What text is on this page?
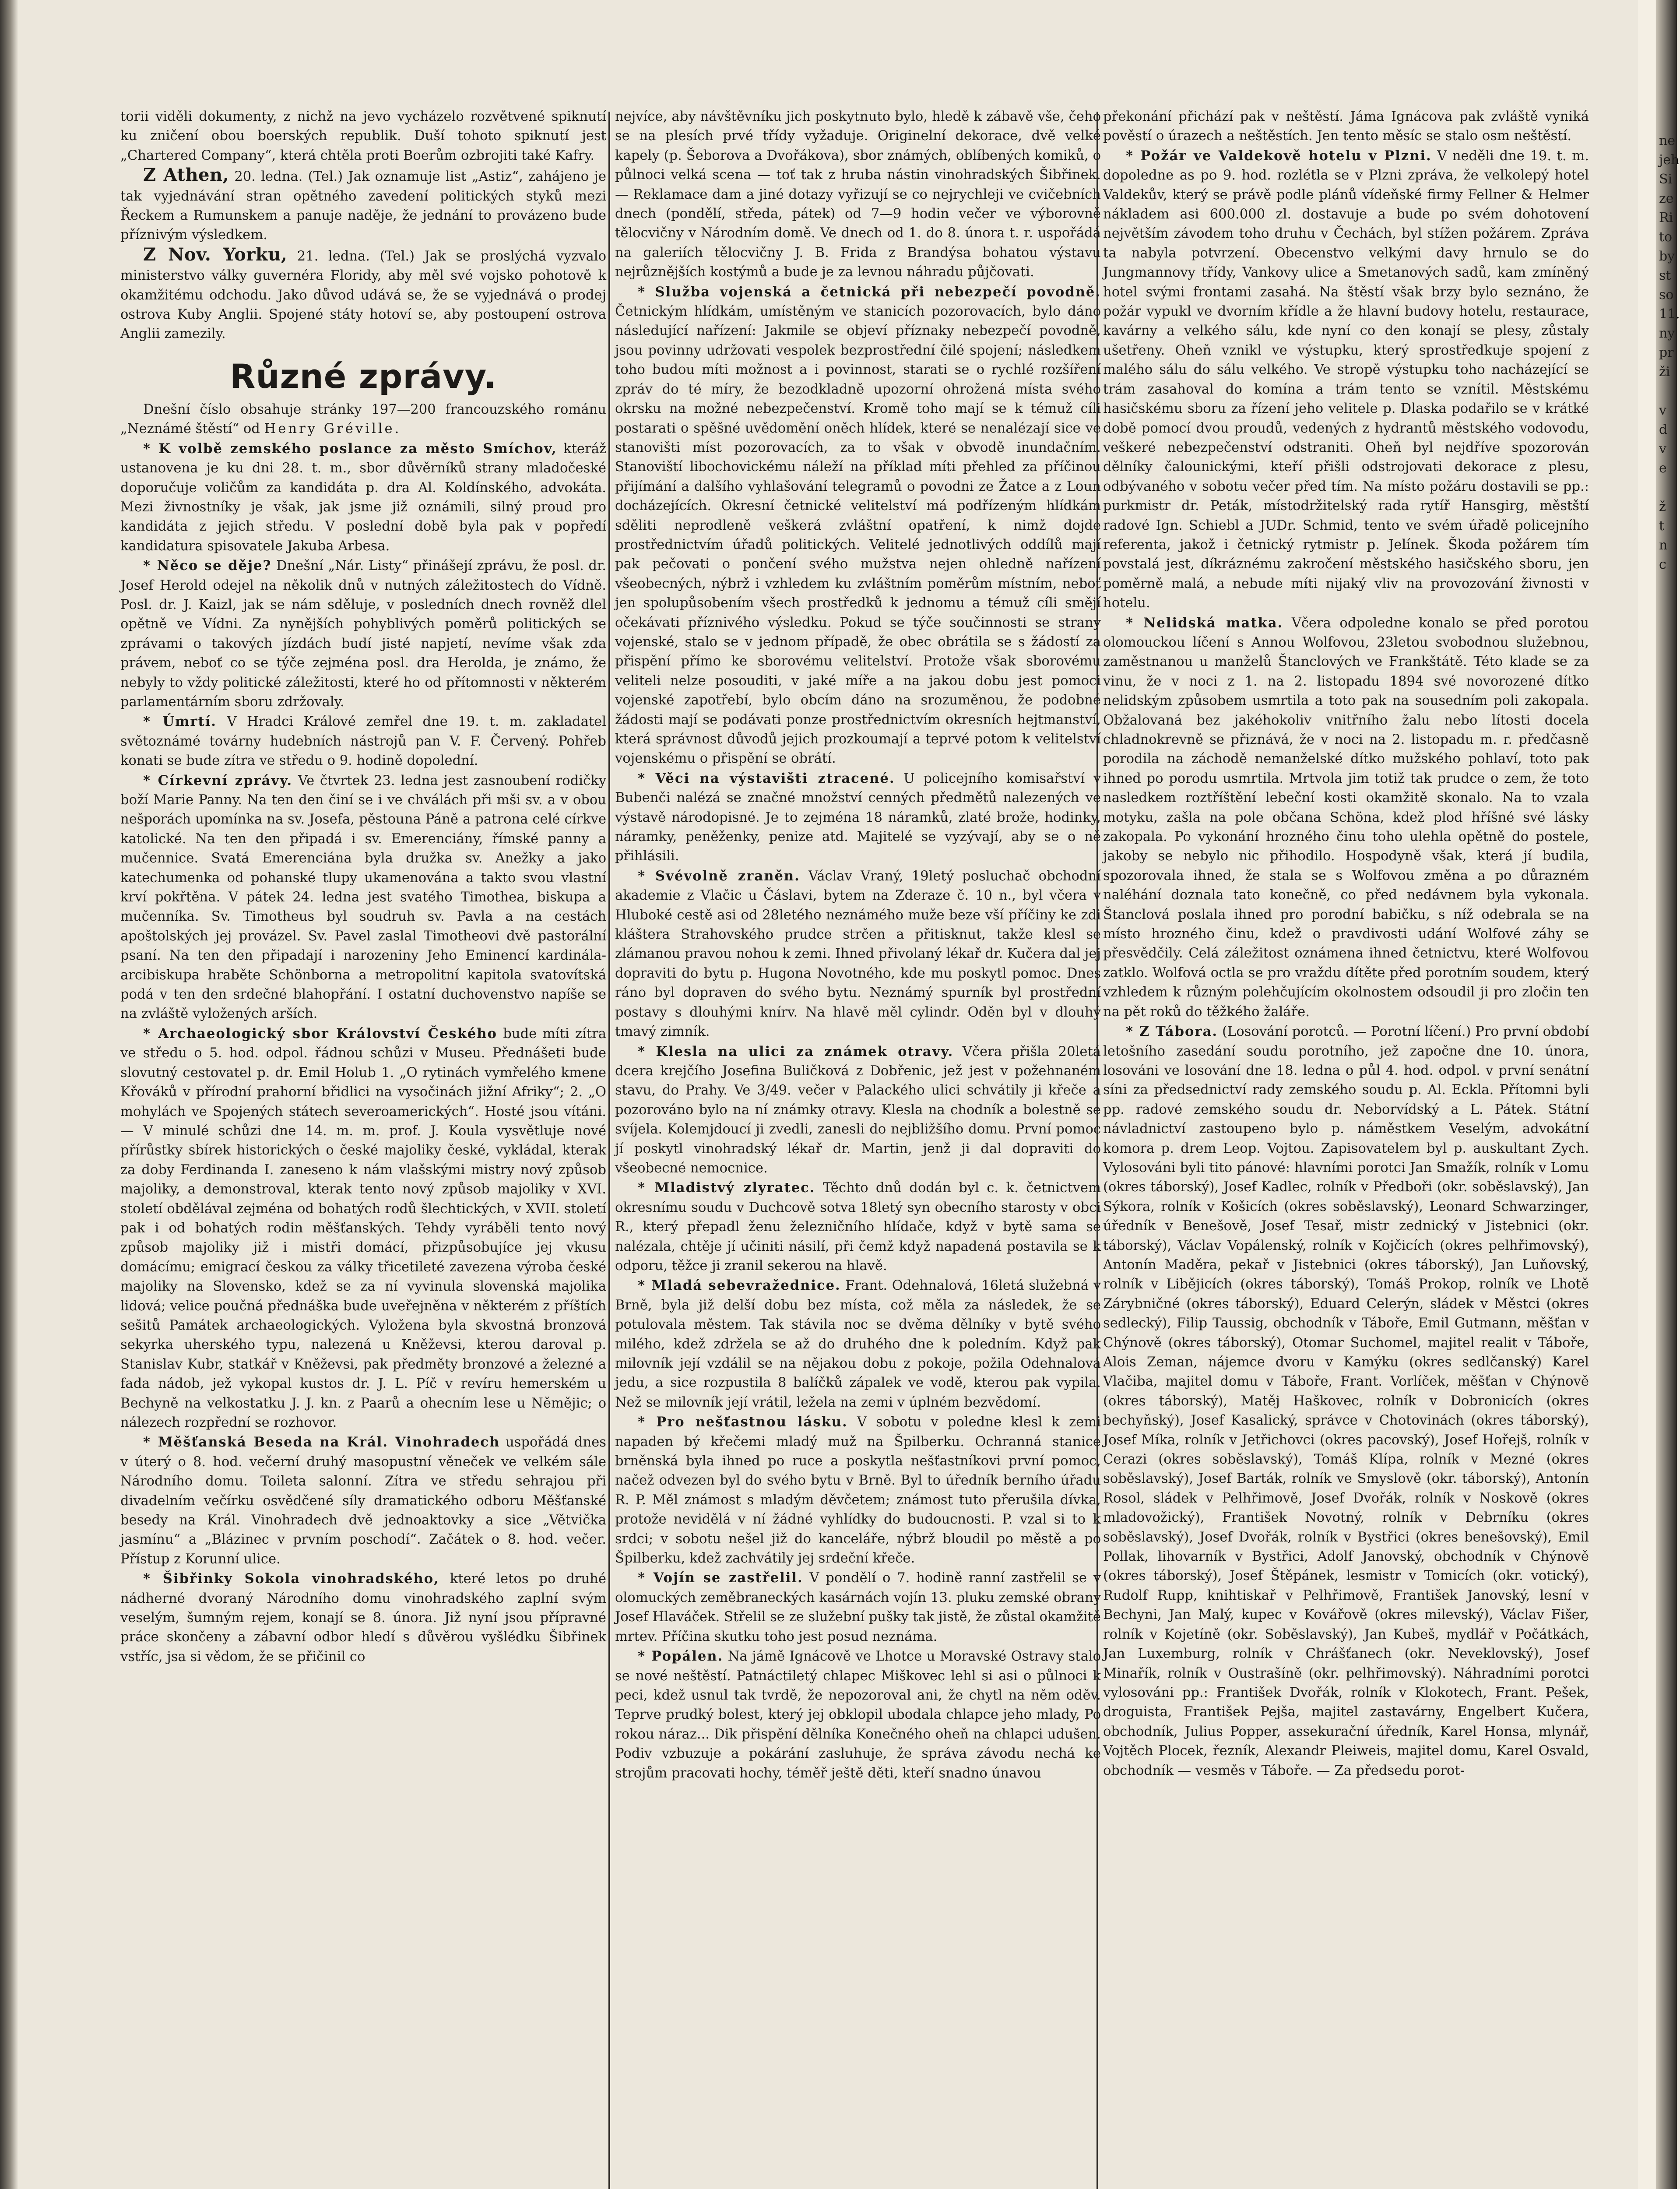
torii viděli dokumenty, z nichž na jevo vycházelo rozvětvené spiknutí ku zničení obou boerských republik. Duší tohoto spiknutí jest „Chartered Company“, která chtěla proti Boerům ozbrojiti také Kafry.

Z Athen, 20. ledna. (Tel.) Jak oznamuje list „Astiz“, zahájeno je tak vyjednávání stran opětného zavedení politických styků mezi Řeckem a Rumunskem a panuje naděje, že jednání to provázeno bude příznivým výsledkem.

Z Nov. Yorku, 21. ledna. (Tel.) Jak se proslýchá vyzvalo ministerstvo války guvernéra Floridy, aby měl své vojsko pohotově k okamžitému odchodu. Jako důvod udává se, že se vyjednává o prodej ostrova Kuby Anglii. Spojené státy hotoví se, aby postoupení ostrova Anglii zamezily.

Různé zprávy.

Dnešní číslo obsahuje stránky 197—200 francouzského románu „Neznámé štěstí“ od Henry Gréville.

* K volbě zemského poslance za město Smíchov, kteráž ustanovena je ku dni 28. t. m., sbor důvěrníků strany mladočeské doporučuje voličům za kandidáta p. dra Al. Koldínského, advokáta. Mezi živnostníky je však, jak jsme již oznámili, silný proud pro kandidáta z jejich středu. V poslední době byla pak v popředí kandidatura spisovatele Jakuba Arbesa.

* Něco se děje? Dnešní „Nár. Listy“ přinášejí zprávu, že posl. dr. Josef Herold odejel na několik dnů v nutných záležitostech do Vídně. Posl. dr. J. Kaizl, jak se nám sděluje, v posledních dnech rovněž dlel opětně ve Vídni. Za nynějších pohyblivých poměrů politických se zprávami o takových jízdách budí jisté napjetí, nevíme však zda právem, neboť co se týče zejména posl. dra Herolda, je známo, že nebyly to vždy politické záležitosti, které ho od přítomnosti v některém parlamentárním sboru zdržovaly.

* Úmrtí. V Hradci Králové zemřel dne 19. t. m. zakladatel světoznámé továrny hudebních nástrojů pan V. F. Červený. Pohřeb konati se bude zítra ve středu o 9. hodině dopolední.

* Církevní zprávy. Ve čtvrtek 23. ledna jest zasnoubení rodičky boží Marie Panny. Na ten den činí se i ve chválách při mši sv. a v obou nešporách upomínka na sv. Josefa, pěstouna Páně a patrona celé církve katolické. Na ten den připadá i sv. Emerenciány, římské panny a mučennice. Svatá Emerenciána byla družka sv. Anežky a jako katechumenka od pohanské tlupy ukamenována a takto svou vlastní krví pokřtěna. V pátek 24. ledna jest svatého Timothea, biskupa a mučenníka. Sv. Timotheus byl soudruh sv. Pavla a na cestách apoštolských jej provázel. Sv. Pavel zaslal Timotheovi dvě pastorální psaní. Na ten den připadají i narozeniny Jeho Eminencí kardinála-arcibiskupa hraběte Schönborna a metropolitní kapitola svatovítská podá v ten den srdečné blahopřání. I ostatní duchovenstvo napíše se na zvláště vyložených arších.

* Archaeologický sbor Království Českého bude míti zítra ve středu o 5. hod. odpol. řádnou schůzi v Museu. Přednášeti bude slovutný cestovatel p. dr. Emil Holub 1. „O rytinách vymřelého kmene Křováků v přírodní prahorní břidlici na vysočinách jižní Afriky“; 2. „O mohylách ve Spojených státech severoamerických“. Hosté jsou vítáni. — V minulé schůzi dne 14. m. m. prof. J. Koula vysvětluje nové přírůstky sbírek historických o české majoliky české, vykládal, kterak za doby Ferdinanda I. zaneseno k nám vlašskými mistry nový způsob majoliky, a demonstroval, kterak tento nový způsob majoliky v XVI. století obdělával zejména od bohatých rodů šlechtických, v XVII. století pak i od bohatých rodin měšťanských. Tehdy vyráběli tento nový způsob majoliky již i mistři domácí, přizpůsobujíce jej vkusu domácímu; emigrací českou za války třicetileté zavezena výroba české majoliky na Slovensko, kdež se za ní vyvinula slovenská majolika lidová; velice poučná přednáška bude uveřejněna v některém z příštích sešitů Památek archaeologických. Vyložena byla skvostná bronzová sekyrka uherského typu, nalezená u Kněževsi, kterou daroval p. Stanislav Kubr, statkář v Kněževsi, pak předměty bronzové a železné a fada nádob, jež vykopal kustos dr. J. L. Píč v revíru hemerském u Bechyně na velkostatku J. J. kn. z Paarů a ohecním lese u Němějic; o nálezech rozpřední se rozhovor.

* Měšťanská Beseda na Král. Vinohradech uspořádá dnes v úterý o 8. hod. večerní druhý masopustní věneček ve velkém sále Národního domu. Toileta salonní. Zítra ve středu sehrajou při divadelním večírku osvědčené síly dramatického odboru Měšťanské besedy na Král. Vinohradech dvě jednoaktovky a sice „Větvička jasmínu“ a „Blázinec v prvním poschodí“. Začátek o 8. hod. večer. Přístup z Korunní ulice.

* Šibřinky Sokola vinohradského, které letos po druhé nádherné dvoraný Národního domu vinohradského zaplní svým veselým, šumným rejem, konají se 8. února. Již nyní jsou přípravné práce skončeny a zábavní odbor hledí s důvěrou vyšlédku Šibřinek vstříc, jsa si vědom, že se přičinil co

nejvíce, aby návštěvníku jich poskytnuto bylo, hledě k zábavě vše, čeho se na plesích prvé třídy vyžaduje. Originelní dekorace, dvě velké kapely (p. Šeborova a Dvořákova), sbor známých, oblíbených komiků, o půlnoci velká scena — toť tak z hruba nástin vinohradských Šibřinek. — Reklamace dam a jiné dotazy vyřizují se co nejrychleji ve cvičebních dnech (pondělí, středa, pátek) od 7—9 hodin večer ve výborovně tělocvičny v Národním domě. Ve dnech od 1. do 8. února t. r. uspořádá na galeriích tělocvičny J. B. Frida z Brandýsa bohatou výstavu nejrůznějších kostýmů a bude je za levnou náhradu půjčovati.

* Služba vojenská a četnická při nebezpečí povodně. Četnickým hlídkám, umístěným ve stanicích pozorovacích, bylo dáno následující nařízení: Jakmile se objeví příznaky nebezpečí povodně, jsou povinny udržovati vespolek bezprostřední čilé spojení; následkem toho budou míti možnost a i povinnost, starati se o rychlé rozšíření zpráv do té míry, že bezodkladně upozorní ohrožená místa svého okrsku na možné nebezpečenství. Kromě toho mají se k témuž cíli postarati o spěšné uvědomění oněch hlídek, které se nenalézají sice ve stanovišti míst pozorovacích, za to však v obvodě inundačním. Stanoviští libochovickému náleží na příklad míti přehled za příčinou přijímání a dalšího vyhlašování telegramů o povodni ze Žatce a z Loun docházejících. Okresní četnické velitelství má podřízeným hlídkám sděliti neprodleně veškerá zvláštní opatření, k nimž dojde prostřednictvím úřadů politických. Velitelé jednotlivých oddílů mají pak pečovati o pončení svého mužstva nejen ohledně nařízení všeobecných, nýbrž i vzhledem ku zvláštním poměrům místním, neboť jen spolupůsobením všech prostředků k jednomu a témuž cíli smějí očekávati příznivého výsledku. Pokud se týče součinnosti se strany vojenské, stalo se v jednom případě, že obec obrátila se s žádostí za přispění přímo ke sborovému velitelství. Protože však sborovému veliteli nelze posouditi, v jaké míře a na jakou dobu jest pomoci vojenské zapotřebí, bylo obcím dáno na srozuměnou, že podobné žádosti mají se podávati ponze prostřednictvím okresních hejtmanství, která správnost důvodů jejich prozkoumají a teprvé potom k velitelství vojenskému o přispění se obrátí.

* Věci na výstavišti ztracené. U policejního komisařství v Bubenči nalézá se značné množství cenných předmětů nalezených ve výstavě národopisné. Je to zejména 18 náramků, zlaté brože, hodinky, náramky, peněženky, penize atd. Majitelé se vyzývají, aby se o ně přihlásili.

* Svévolně zraněn. Václav Vraný, 19letý posluchač obchodní akademie z Vlačic u Čáslavi, bytem na Zderaze č. 10 n., byl včera v Hluboké cestě asi od 28letého neznámého muže beze vší příčiny ke zdi kláštera Strahovského prudce strčen a přitisknut, takže klesl se zlámanou pravou nohou k zemi. Ihned přivolaný lékař dr. Kučera dal jej dopraviti do bytu p. Hugona Novotného, kde mu poskytl pomoc. Dnes ráno byl dopraven do svého bytu. Neznámý spurník byl prostřední postavy s dlouhými knírv. Na hlavě měl cylindr. Oděn byl v dlouhý tmavý zimník.

* Klesla na ulici za známek otravy. Včera přišla 20letá dcera krejčího Josefina Buličková z Dobřenic, jež jest v požehnaném stavu, do Prahy. Ve 3/49. večer v Palackého ulici schvátily ji křeče a pozorováno bylo na ní známky otravy. Klesla na chodník a bolestně se svíjela. Kolemjdoucí ji zvedli, zanesli do nejbližšího domu. První pomoc jí poskytl vinohradský lékař dr. Martin, jenž ji dal dopraviti do všeobecné nemocnice.

* Mladistvý zlyratec. Těchto dnů dodán byl c. k. četnictvem okresnímu soudu v Duchcově sotva 18letý syn obecního starosty v obci R., který přepadl ženu železničního hlídače, když v bytě sama se nalézala, chtěje jí učiniti násilí, při čemž když napadená postavila se k odporu, těžce ji zranil sekerou na hlavě.

* Mladá sebevražednice. Frant. Odehnalová, 16letá služebná v Brně, byla již delší dobu bez místa, což měla za následek, že se potulovala městem. Tak stávila noc se dvěma dělníky v bytě svého milého, kdež zdržela se až do druhého dne k poledním. Když pak milovník její vzdálil se na nějakou dobu z pokoje, požila Odehnalová jedu, a sice rozpustila 8 balíčků zápalek ve vodě, kterou pak vypila. Než se milovník její vrátil, ležela na zemi v úplném bezvědomí.

* Pro nešťastnou lásku. V sobotu v poledne klesl k zemi napaden bý křečemi mladý muž na Špilberku. Ochranná stanice brněnská byla ihned po ruce a poskytla nešťastníkovi první pomoc, načež odvezen byl do svého bytu v Brně. Byl to úředník berního úřadu R. P. Měl známost s mladým děvčetem; známost tuto přerušila dívka, protože nevidělá v ní žádné vyhlídky do budoucnosti. P. vzal si to k srdci; v sobotu nešel již do kanceláře, nýbrž bloudil po městě a po Špilberku, kdež zachvátily jej srdeční křeče.

* Vojín se zastřelil. V pondělí o 7. hodině ranní zastřelil se v olomuckých zeměbraneckých kasárnách vojín 13. pluku zemské obrany Josef Hlaváček. Střelil se ze služební pušky tak jistě, že zůstal okamžitě mrtev. Příčina skutku toho jest posud neznáma.

* Popálen. Na jámě Ignácově ve Lhotce u Moravské Ostravy stalo se nové neštěstí. Patnáctiletý chlapec Miškovec lehl si asi o půlnoci k peci, kdež usnul tak tvrdě, že nepozoroval ani, že chytl na něm oděv. Teprve prudký bolest, který jej obklopil ubodala chlapce jeho mlady, Po rokou náraz... Dik přispění dělníka Konečného oheň na chlapci udušen. Podiv vzbuzuje a pokárání zasluhuje, že správa závodu nechá ke strojům pracovati hochy, téměř ještě děti, kteří snadno únavou

překonání přichází pak v neštěstí. Jáma Ignácova pak zvláště vyniká pověstí o úrazech a neštěstích. Jen tento měsíc se stalo osm neštěstí.

* Požár ve Valdekově hotelu v Plzni. V neděli dne 19. t. m. dopoledne as po 9. hod. rozlétla se v Plzni zpráva, že velkolepý hotel Valdekův, který se právě podle plánů vídeňské firmy Fellner & Helmer nákladem asi 600.000 zl. dostavuje a bude po svém dohotovení největším závodem toho druhu v Čechách, byl stížen požárem. Zpráva ta nabyla potvrzení. Obecenstvo velkými davy hrnulo se do Jungmannovy třídy, Vankovy ulice a Smetanových sadů, kam zmíněný hotel svými frontami zasahá. Na štěstí však brzy bylo seznáno, že požár vypukl ve dvorním křídle a že hlavní budovy hotelu, restaurace, kavárny a velkého sálu, kde nyní co den konají se plesy, zůstaly ušetřeny. Oheň vznikl ve výstupku, který sprostředkuje spojení z malého sálu do sálu velkého. Ve stropě výstupku toho nacházející se trám zasahoval do komína a trám tento se vznítil. Městskému hasičskému sboru za řízení jeho velitele p. Dlaska podařilo se v krátké době pomocí dvou proudů, vedených z hydrantů městského vodovodu, veškeré nebezpečenství odstraniti. Oheň byl nejdříve spozorován dělníky čalounickými, kteří přišli odstrojovati dekorace z plesu, odbývaného v sobotu večer před tím. Na místo požáru dostavili se pp.: purkmistr dr. Peták, místodržitelský rada rytíř Hansgirg, městští radové Ign. Schiebl a JUDr. Schmid, tento ve svém úřadě policejního referenta, jakož i četnický rytmistr p. Jelínek. Škoda požárem tím povstalá jest, díkráznému zakročení městského hasičského sboru, jen poměrně malá, a nebude míti nijaký vliv na provozování živnosti v hotelu.

* Nelidská matka. Včera odpoledne konalo se před porotou olomouckou líčení s Annou Wolfovou, 23letou svobodnou služebnou, zaměstnanou u manželů Štanclových ve Frankštátě. Této klade se za vinu, že v noci z 1. na 2. listopadu 1894 své novorozené dítko nelidským způsobem usmrtila a toto pak na sousedním poli zakopala. Obžalovaná bez jakéhokoliv vnitřního žalu nebo lítosti docela chladnokrevně se přiznává, že v noci na 2. listopadu m. r. předčasně porodila na záchodě nemanželské dítko mužského pohlaví, toto pak ihned po porodu usmrtila. Mrtvola jim totiž tak prudce o zem, že toto nasledkem roztříštění lebeční kosti okamžitě skonalo. Na to vzala motyku, zašla na pole občana Schöna, kdež plod hříšné své lásky zakopala. Po vykonání hrozného činu toho ulehla opětně do postele, jakoby se nebylo nic přihodilo. Hospodyně však, která jí budila, spozorovala ihned, že stala se s Wolfovou změna a po důrazném naléhání doznala tato konečně, co před nedávnem byla vykonala. Štanclová poslala ihned pro porodní babičku, s níž odebrala se na místo hrozného činu, kdež o pravdivosti udání Wolfové záhy se přesvědčily. Celá záležitost oznámena ihned četnictvu, které Wolfovou zatklo. Wolfová octla se pro vraždu dítěte před porotním soudem, který vzhledem k různým polehčujícím okolnostem odsoudil ji pro zločin ten na pět roků do těžkého žaláře.

* Z Tábora. (Losování porotců. — Porotní líčení.) Pro první období letošního zasedání soudu porotního, jež započne dne 10. února, losováni ve losování dne 18. ledna o půl 4. hod. odpol. v první senátní síni za předsednictví rady zemského soudu p. Al. Eckla. Přítomni byli pp. radové zemského soudu dr. Neborvídský a L. Pátek. Státní návladnictví zastoupeno bylo p. náměstkem Veselým, advokátní komora p. drem Leop. Vojtou. Zapisovatelem byl p. auskultant Zych. Vylosováni byli tito pánové: hlavními porotci Jan Smažík, rolník v Lomu (okres táborský), Josef Kadlec, rolník v Předboři (okr. soběslavský), Jan Sýkora, rolník v Košicích (okres soběslavský), Leonard Schwarzinger, úředník v Benešově, Josef Tesař, mistr zednický v Jistebnici (okr. táborský), Václav Vopálenský, rolník v Kojčicích (okres pelhřimovský), Antonín Maděra, pekař v Jistebnici (okres táborský), Jan Luňovský, rolník v Libějicích (okres táborský), Tomáš Prokop, rolník ve Lhotě Zárybničné (okres táborský), Eduard Celerýn, sládek v Městci (okres sedlecký), Filip Taussig, obchodník v Táboře, Emil Gutmann, měšťan v Chýnově (okres táborský), Otomar Suchomel, majitel realit v Táboře, Alois Zeman, nájemce dvoru v Kamýku (okres sedlčanský) Karel Vlačiba, majitel domu v Táboře, Frant. Vorlíček, měšťan v Chýnově (okres táborský), Matěj Haškovec, rolník v Dobronicích (okres bechyňský), Josef Kasalický, správce v Chotovinách (okres táborský), Josef Míka, rolník v Jetřichovci (okres pacovský), Josef Hořejš, rolník v Cerazi (okres soběslavský), Tomáš Klípa, rolník v Mezné (okres soběslavský), Josef Barták, rolník ve Smyslově (okr. táborský), Antonín Rosol, sládek v Pelhřimově, Josef Dvořák, rolník v Noskově (okres mladovožický), František Novotný, rolník v Debrníku (okres soběslavský), Josef Dvořák, rolník v Bystřici (okres benešovský), Emil Pollak, lihovarník v Bystřici, Adolf Janovský, obchodník v Chýnově (okres táborský), Josef Štěpánek, lesmistr v Tomicích (okr. votický), Rudolf Rupp, knihtiskař v Pelhřimově, František Janovský, lesní v Bechyni, Jan Malý, kupec v Kovářově (okres milevský), Václav Fišer, rolník v Kojetíně (okr. Soběslavský), Jan Kubeš, mydlář v Počátkách, Jan Luxemburg, rolník v Chrášťanech (okr. Neveklovský), Josef Minařík, rolník v Oustrašíně (okr. pelhřimovský). Náhradními porotci vylosováni pp.: František Dvořák, rolník v Klokotech, Frant. Pešek, droguista, František Pejša, majitel zastavárny, Engelbert Kučera, obchodník, Julius Popper, assekurační úředník, Karel Honsa, mlynář, Vojtěch Plocek, řezník, Alexandr Pleiweis, majitel domu, Karel Osvald, obchodník — vesměs v Táboře. — Za předsedu porot-

ne
jeh
Si
ze
Ri
to
by
st
so
11.
ny
pr
ži
v
d
v
e
ž
t
n
c
